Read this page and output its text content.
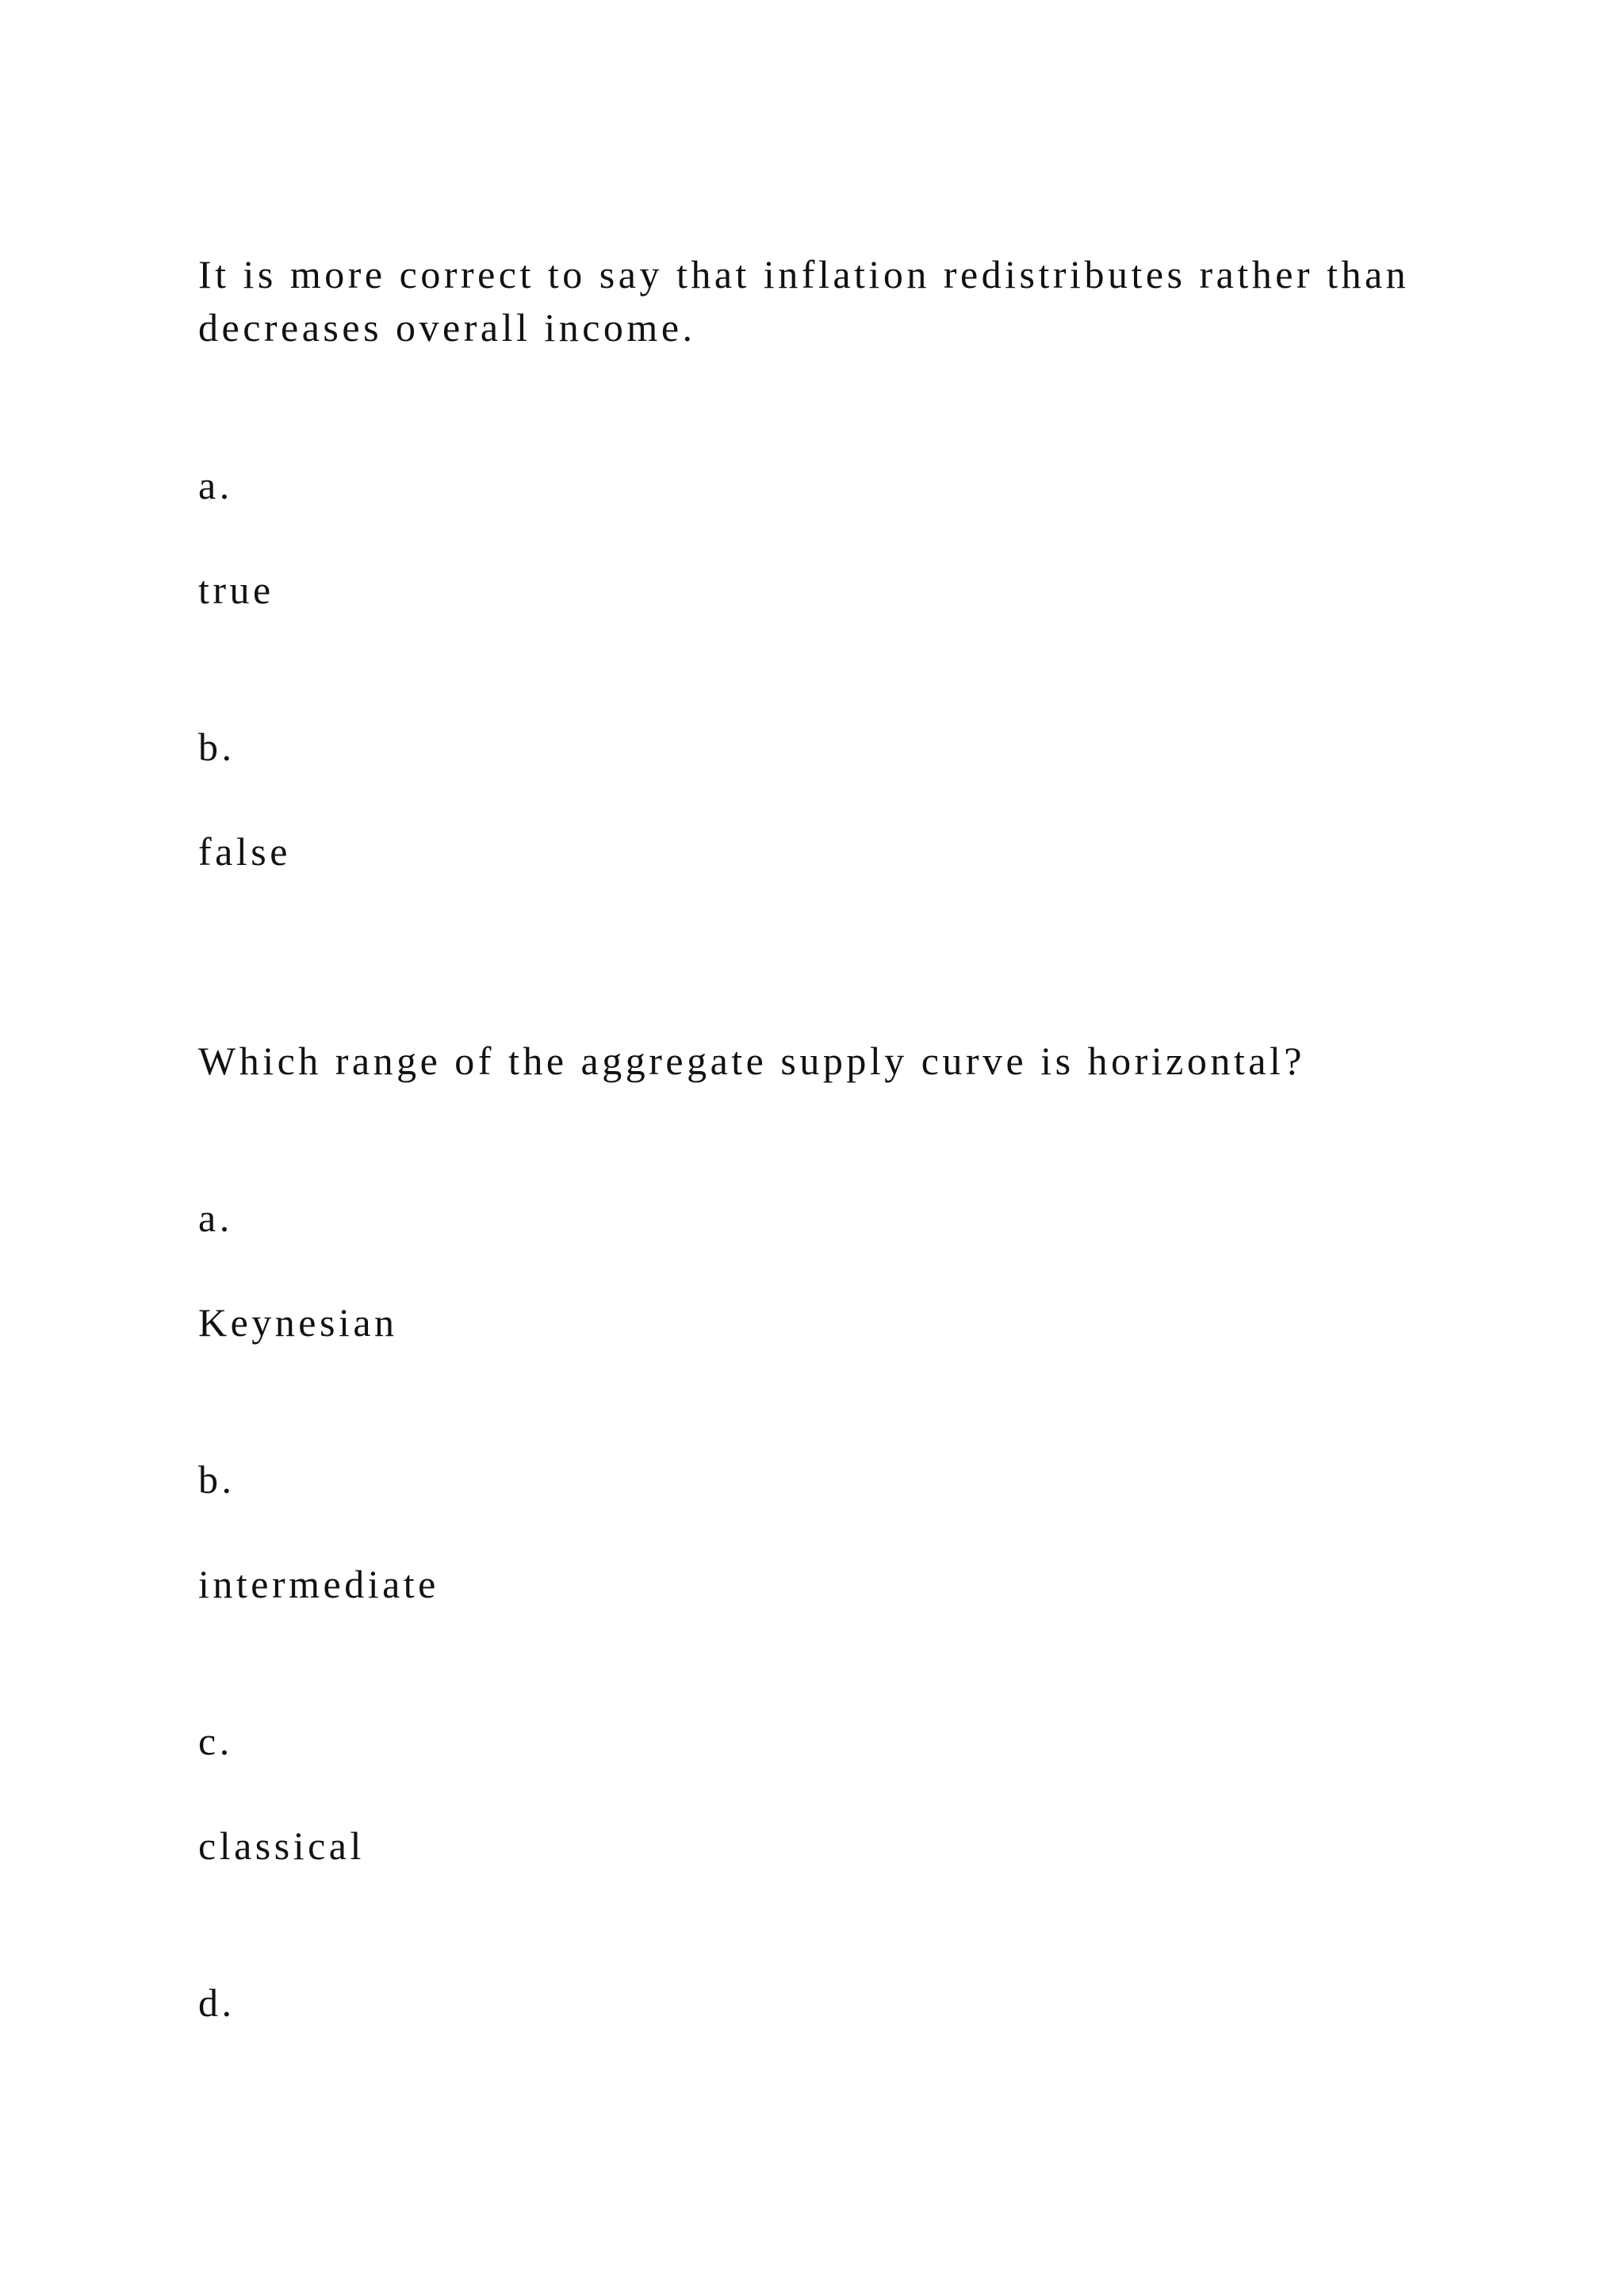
It is more correct to say that inflation redistributes rather than

decreases overall income.

a.

true

b.

false

Which range of the aggregate supply curve is horizontal?

a.

Keynesian

b.

intermediate

c.

classical

d.
